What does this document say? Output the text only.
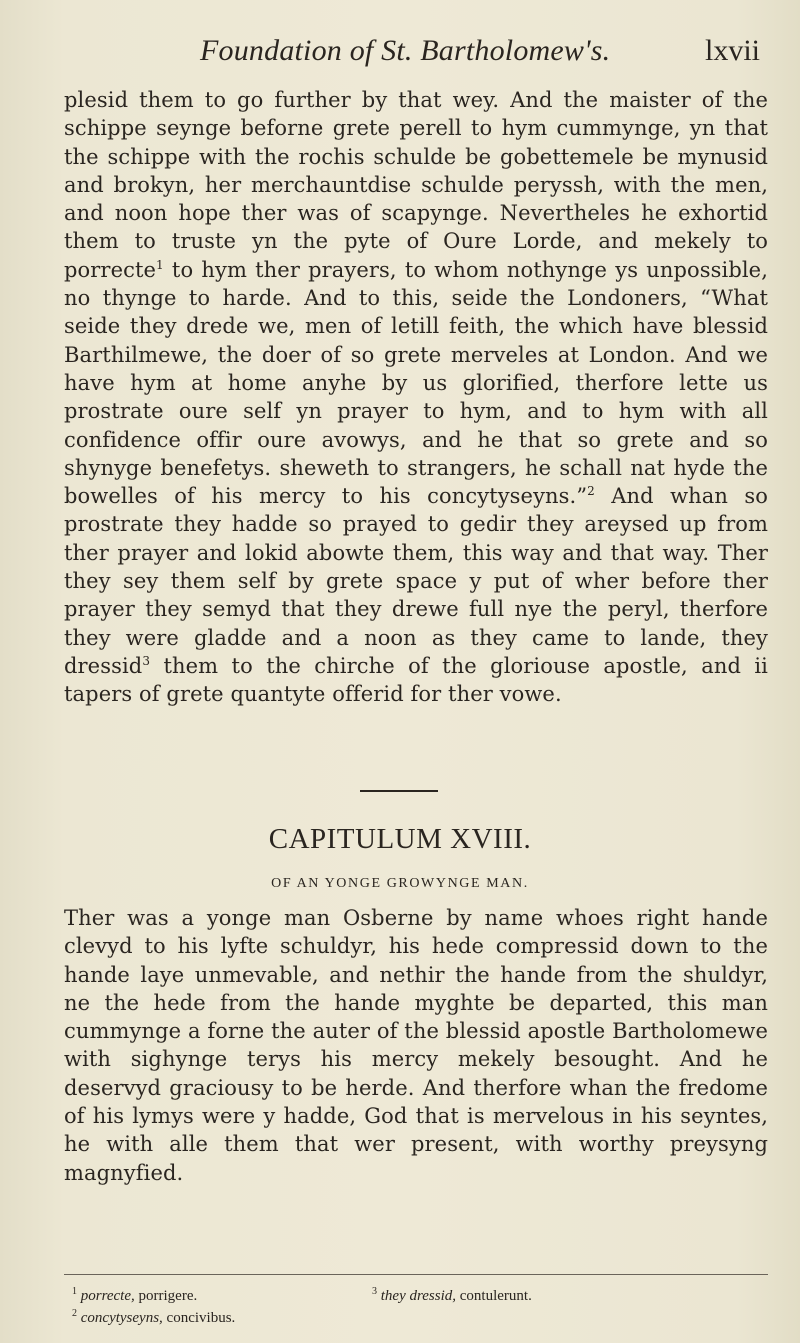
Foundation of St. Bartholomew's.	lxvii
plesid them to go further by that wey. And the maister of the schippe seynge beforne grete perell to hym cummynge, yn that the schippe with the rochis schulde be gobettemele be mynusid and brokyn, her merchauntdise schulde peryssh, with the men, and noon hope ther was of scapynge. Nevertheles he exhortid them to truste yn the pyte of Oure Lorde, and mekely to porrecte$^1$ to hym ther prayers, to whom nothynge ys unpossible, no thynge to harde. And to this, seide the Londoners, “What seide they drede we, men of letill feith, the which have blessid Barthilmewe, the doer of so grete merveles at London. And we have hym at home anyhe by us glorified, therfore lette us prostrate oure self yn prayer to hym, and to hym with all confidence offir oure avowys, and he that so grete and so shynyge benefetys. sheweth to strangers, he schall nat hyde the bowelles of his mercy to his concytyseyns.”$^2$ And whan so prostrate they hadde so prayed to gedir they areysed up from ther prayer and lokid abowte them, this way and that way. Ther they sey them self by grete space y put of wher before ther prayer they semyd that they drewe full nye the peryl, therfore they were gladde and a noon as they came to lande, they dressid$^3$ them to the chirche of the gloriouse apostle, and ii tapers of grete quantyte offerid for ther vowe.
CAPITULUM XVIII.
OF AN YONGE GROWYNGE MAN.
Ther was a yonge man Osberne by name whoes right hande clevyd to his lyfte schuldyr, his hede compressid down to the hande laye unmevable, and nethir the hande from the shuldyr, ne the hede from the hande myghte be departed, this man cummynge a forne the auter of the blessid apostle Bartholomewe with sighynge terys his mercy mekely besought. And he deservyd graciousy to be herde. And therfore whan the fredome of his lymys were y hadde, God that is mervelous in his seyntes, he with alle them that wer present, with worthy preysyng magnyfied.
$^1$ porrecte, porrigere.
$^2$ concytyseyns, concivibus.
$^3$ they dressid, contulerunt.
